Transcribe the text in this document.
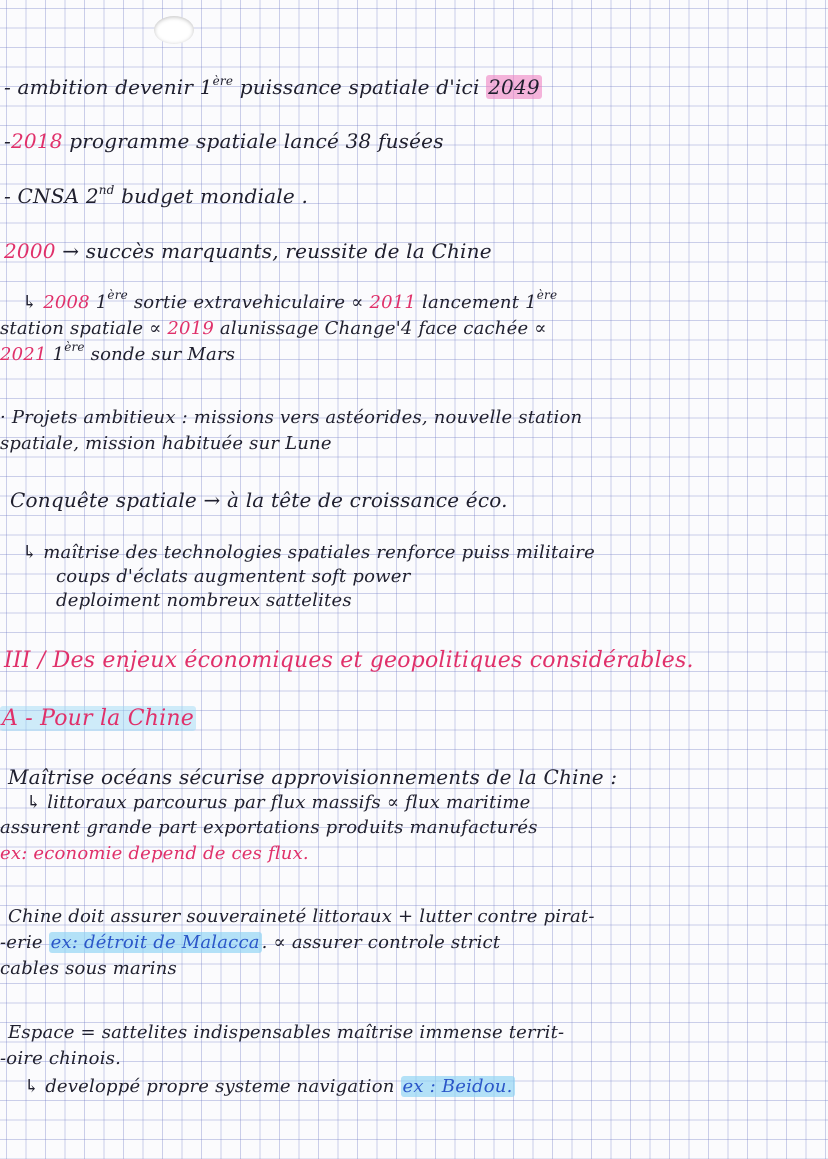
- ambition devenir 1ère puissance spatiale d'ici 2049
-2018 programme spatiale lancé 38 fusées
- CNSA 2nd budget mondiale .
2000 → succès marquants, reussite de la Chine
↳ 2008 1ère sortie extravehiculaire ∝ 2011 lancement 1ère
station spatiale ∝ 2019 alunissage Change'4 face cachée ∝
2021 1ère sonde sur Mars
· Projets ambitieux : missions vers astéorides, nouvelle station
spatiale, mission habituée sur Lune
Conquête spatiale → à la tête de croissance éco.
↳ maîtrise des technologies spatiales renforce puiss militaire
coups d'éclats augmentent soft power
deploiment nombreux sattelites
III / Des enjeux économiques et geopolitiques considérables.
A - Pour la Chine
Maîtrise océans sécurise approvisionnements de la Chine :
↳ littoraux parcourus par flux massifs ∝ flux maritime
assurent grande part exportations produits manufacturés
ex: economie depend de ces flux.
Chine doit assurer souveraineté littoraux + lutter contre pirat-
-erie ex: détroit de Malacca . ∝ assurer controle strict
cables sous marins
Espace = sattelites indispensables maîtrise immense territ-
-oire chinois.
↳ developpé propre systeme navigation ex : Beidou.
